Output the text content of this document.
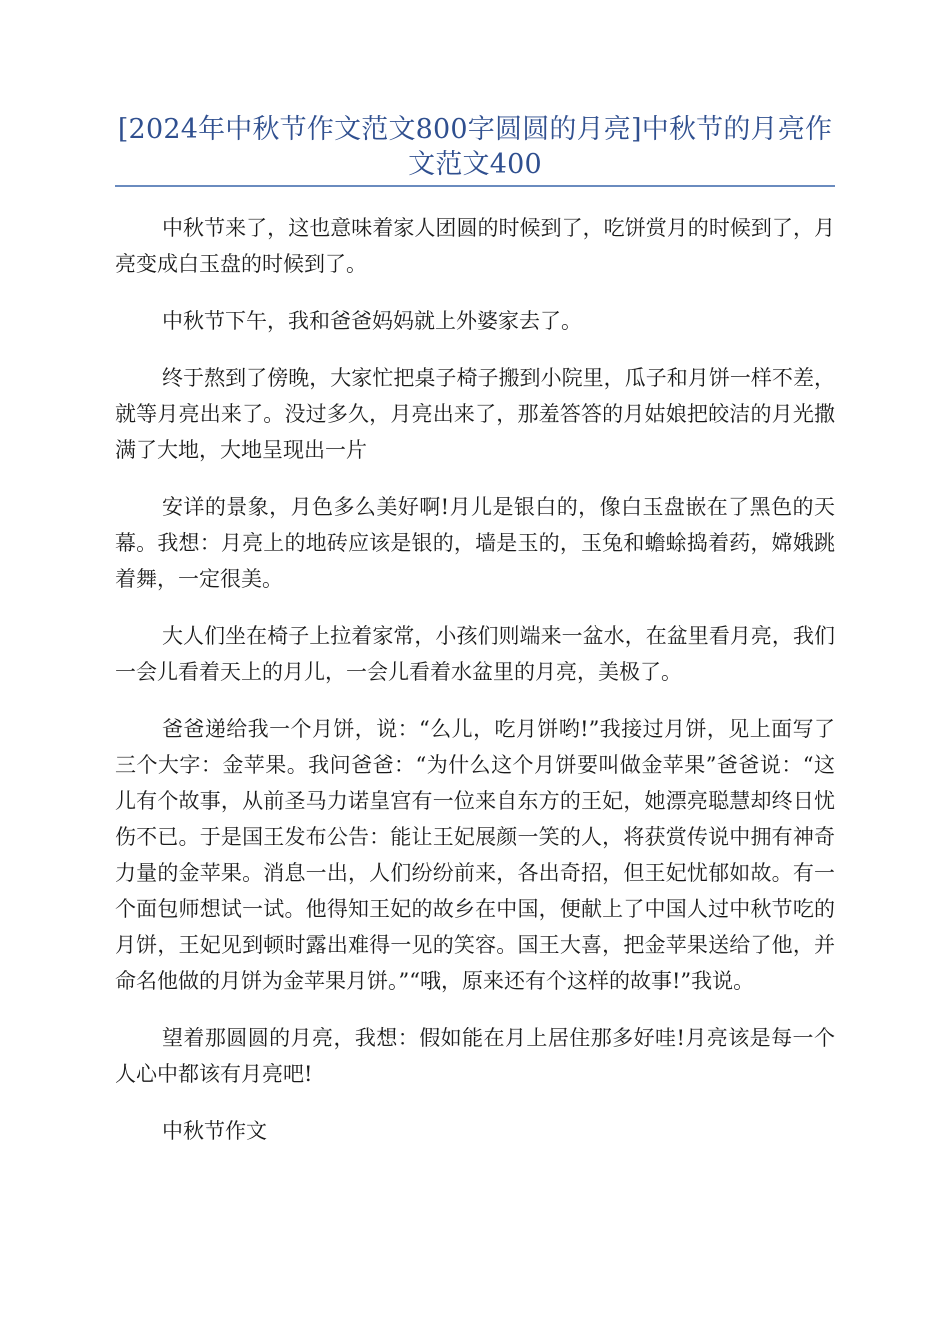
[2024年中秋节作文范文800字圆圆的月亮]中秋节的月亮作文范文400

中秋节来了，这也意味着家人团圆的时候到了，吃饼赏月的时候到了，月亮变成白玉盘的时候到了。

中秋节下午，我和爸爸妈妈就上外婆家去了。

终于熬到了傍晚，大家忙把桌子椅子搬到小院里，瓜子和月饼一样不差，就等月亮出来了。没过多久，月亮出来了，那羞答答的月姑娘把皎洁的月光撒满了大地，大地呈现出一片

安详的景象，月色多么美好啊!月儿是银白的，像白玉盘嵌在了黑色的天幕。我想：月亮上的地砖应该是银的，墙是玉的，玉兔和蟾蜍捣着药，嫦娥跳着舞，一定很美。

大人们坐在椅子上拉着家常，小孩们则端来一盆水，在盆里看月亮，我们一会儿看着天上的月儿，一会儿看着水盆里的月亮，美极了。

爸爸递给我一个月饼，说：“么儿，吃月饼哟!”我接过月饼，见上面写了三个大字：金苹果。我问爸爸：“为什么这个月饼要叫做金苹果”爸爸说：“这儿有个故事，从前圣马力诺皇宫有一位来自东方的王妃，她漂亮聪慧却终日忧伤不已。于是国王发布公告：能让王妃展颜一笑的人，将获赏传说中拥有神奇力量的金苹果。消息一出，人们纷纷前来，各出奇招，但王妃忧郁如故。有一个面包师想试一试。他得知王妃的故乡在中国，便献上了中国人过中秋节吃的月饼，王妃见到顿时露出难得一见的笑容。国王大喜，把金苹果送给了他，并命名他做的月饼为金苹果月饼。”“哦，原来还有个这样的故事!”我说。

望着那圆圆的月亮，我想：假如能在月上居住那多好哇!月亮该是每一个人心中都该有月亮吧!

中秋节作文
